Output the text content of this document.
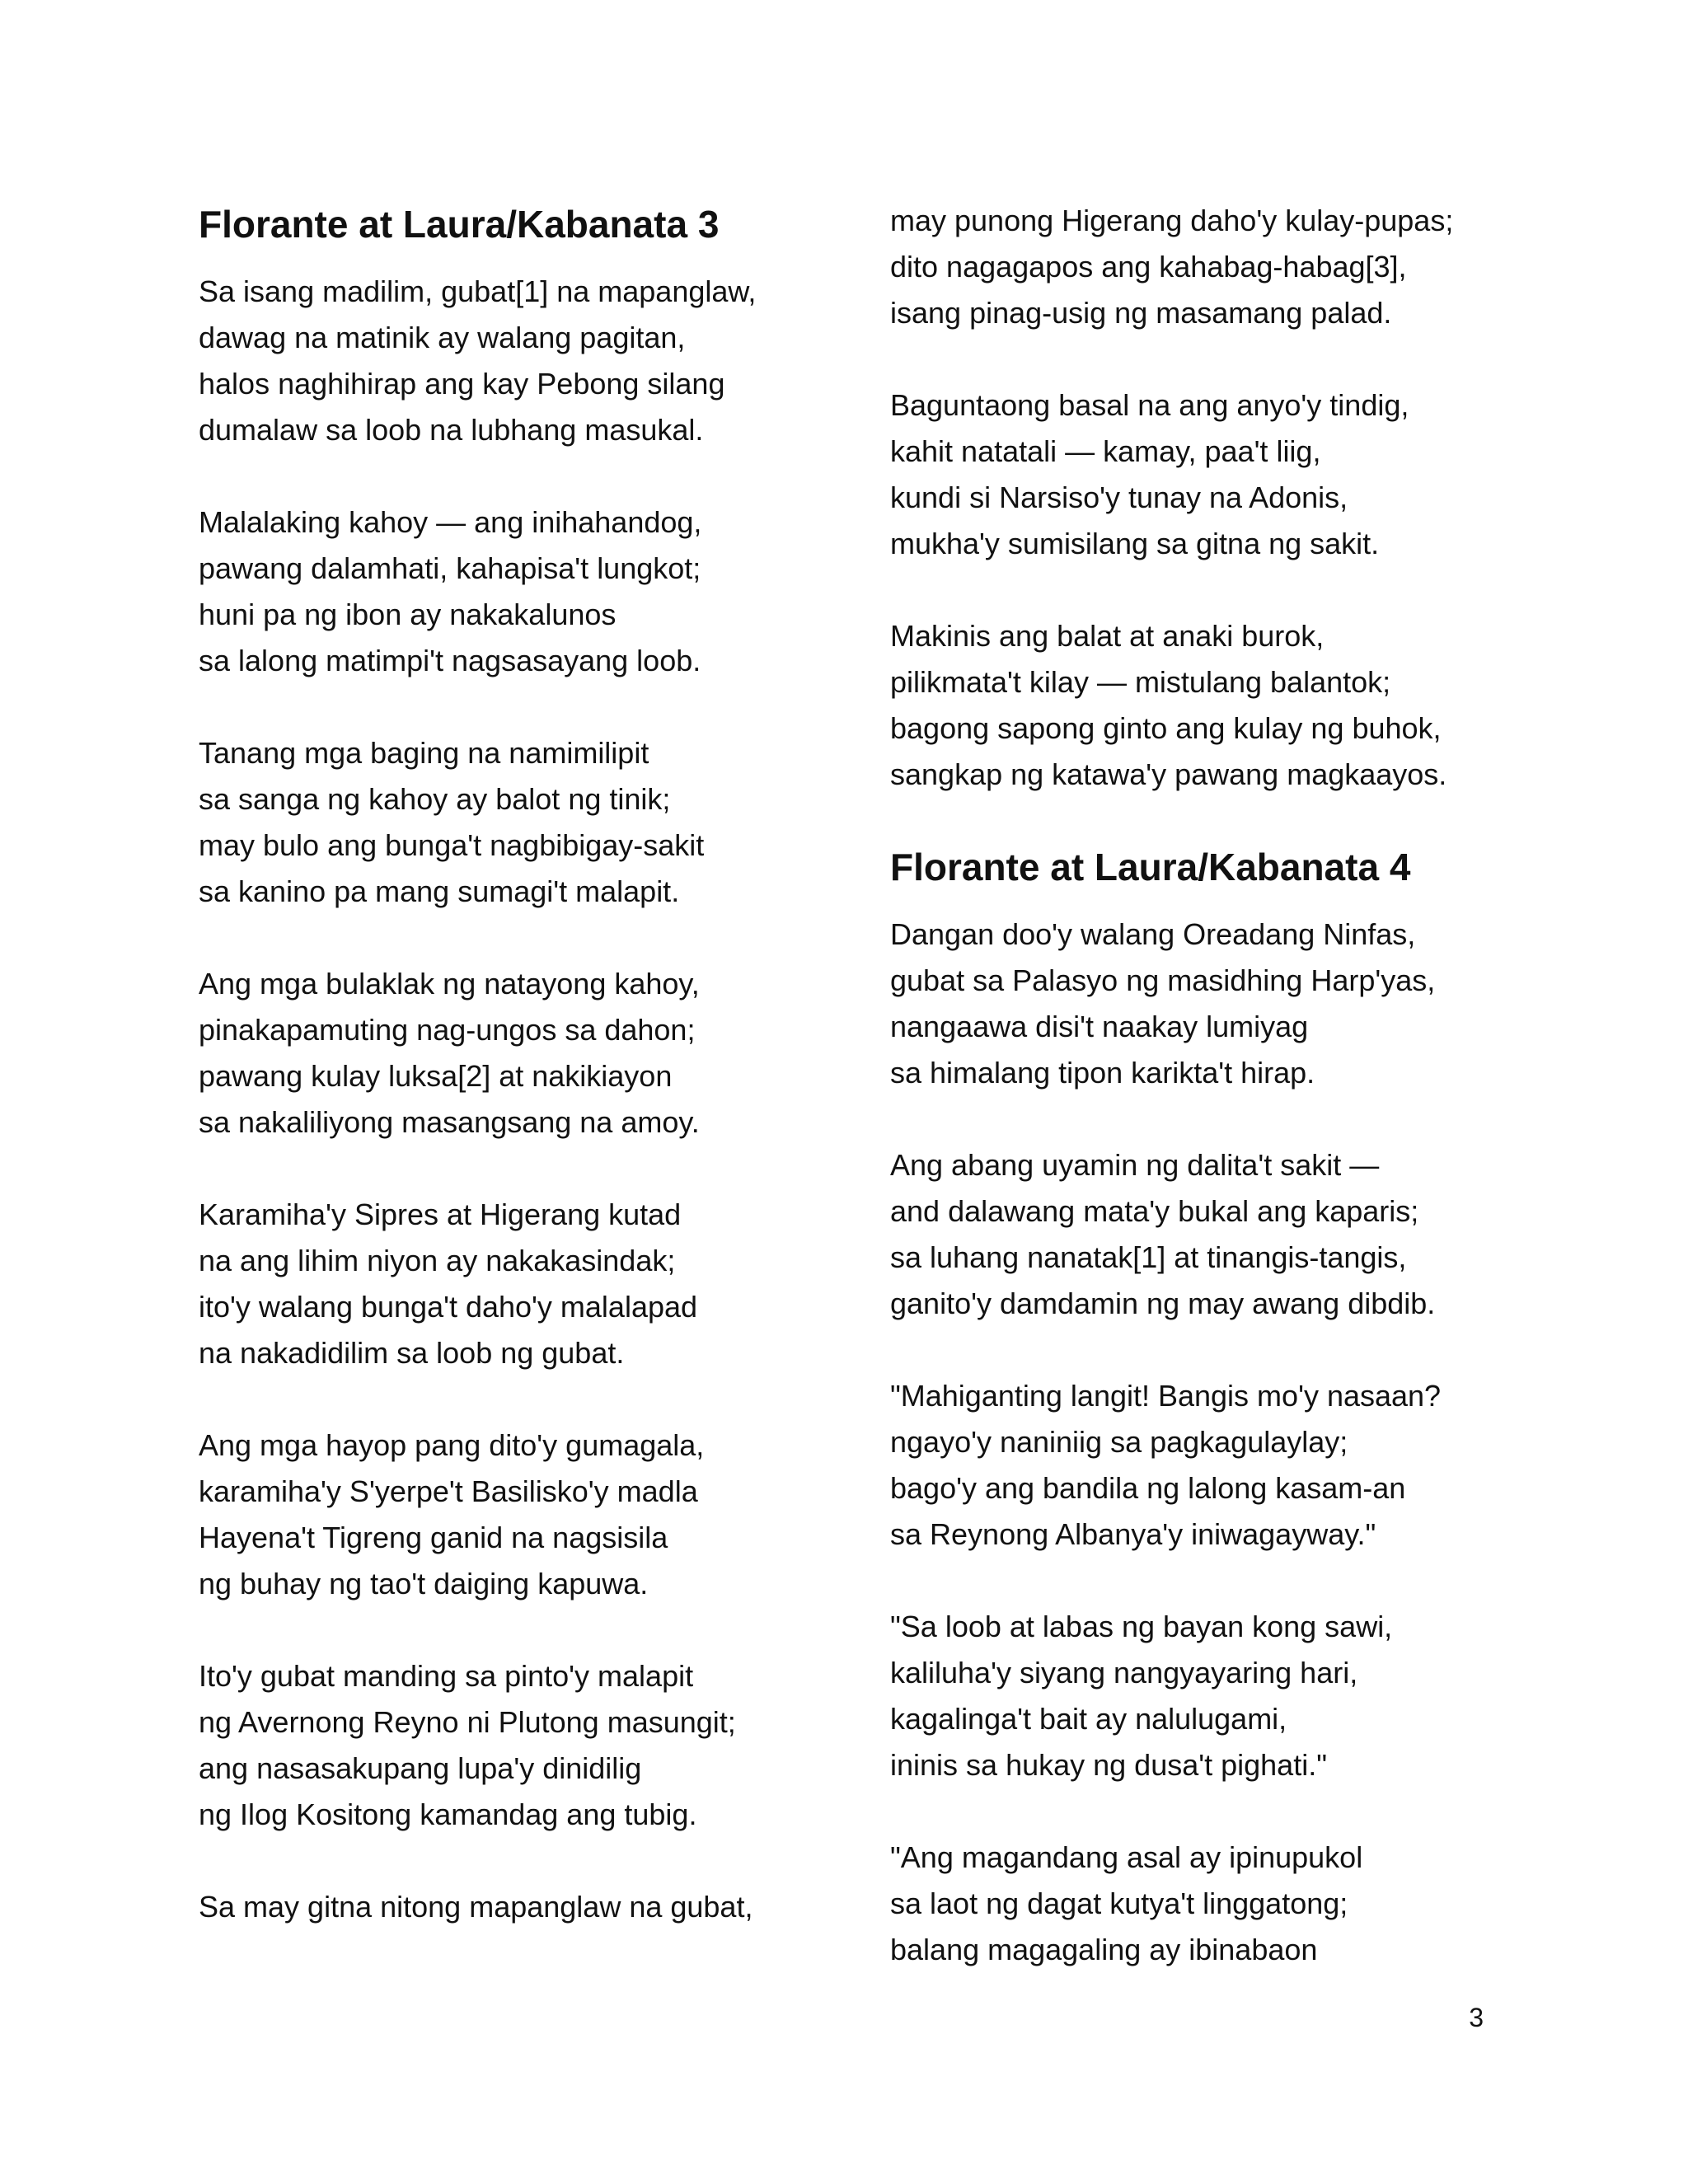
Florante at Laura/Kabanata 3
Sa isang madilim, gubat[1] na mapanglaw,
dawag na matinik ay walang pagitan,
halos naghihirap ang kay Pebong silang
dumalaw sa loob na lubhang masukal.
Malalaking kahoy — ang inihahandog,
pawang dalamhati, kahapisa't lungkot;
huni pa ng ibon ay nakakalunos
sa lalong matimpi't nagsasayang loob.
Tanang mga baging na namimilipit
sa sanga ng kahoy ay balot ng tinik;
may bulo ang bunga't nagbibigay-sakit
sa kanino pa mang sumagi't malapit.
Ang mga bulaklak ng natayong kahoy,
pinakapamuting nag-ungos sa dahon;
pawang kulay luksa[2] at nakikiayon
sa nakaliliyong masangsang na amoy.
Karamiha'y Sipres at Higerang kutad
na ang lihim niyon ay nakakasindak;
ito'y walang bunga't daho'y malalapad
na nakadidilim sa loob ng gubat.
Ang mga hayop pang dito'y gumagala,
karamiha'y S'yerpe't Basilisko'y madla
Hayena't Tigreng ganid na nagsisila
ng buhay ng tao't daiging kapuwa.
Ito'y gubat manding sa pinto'y malapit
ng Avernong Reyno ni Plutong masungit;
ang nasasakupang lupa'y dinidilig
ng Ilog Kositong kamandag ang tubig.
Sa may gitna nitong mapanglaw na gubat,
may punong Higerang daho'y kulay-pupas;
dito nagagapos ang kahabag-habag[3],
isang pinag-usig ng masamang palad.
Baguntaong basal na ang anyo'y tindig,
kahit natatali — kamay, paa't liig,
kundi si Narsiso'y tunay na Adonis,
mukha'y sumisilang sa gitna ng sakit.
Makinis ang balat at anaki burok,
pilikmata't kilay — mistulang balantok;
bagong sapong ginto ang kulay ng buhok,
sangkap ng katawa'y pawang magkaayos.
Florante at Laura/Kabanata 4
Dangan doo'y walang Oreadang Ninfas,
gubat sa Palasyo ng masidhing Harp'yas,
nangaawa disi't naakay lumiyag
sa himalang tipon karikta't hirap.
Ang abang uyamin ng dalita't sakit —
and dalawang mata'y bukal ang kaparis;
sa luhang nanatak[1] at tinangis-tangis,
ganito'y damdamin ng may awang dibdib.
"Mahiganting langit! Bangis mo'y nasaan?
ngayo'y naniniig sa pagkagulaylay;
bago'y ang bandila ng lalong kasam-an
sa Reynong Albanya'y iniwagayway."
"Sa loob at labas ng bayan kong sawi,
kaliluha'y siyang nangyayaring hari,
kagalinga't bait ay nalulugami,
ininis sa hukay ng dusa't pighati."
"Ang magandang asal ay ipinupukol
sa laot ng dagat kutya't linggatong;
balang magagaling ay ibinabaon
3
